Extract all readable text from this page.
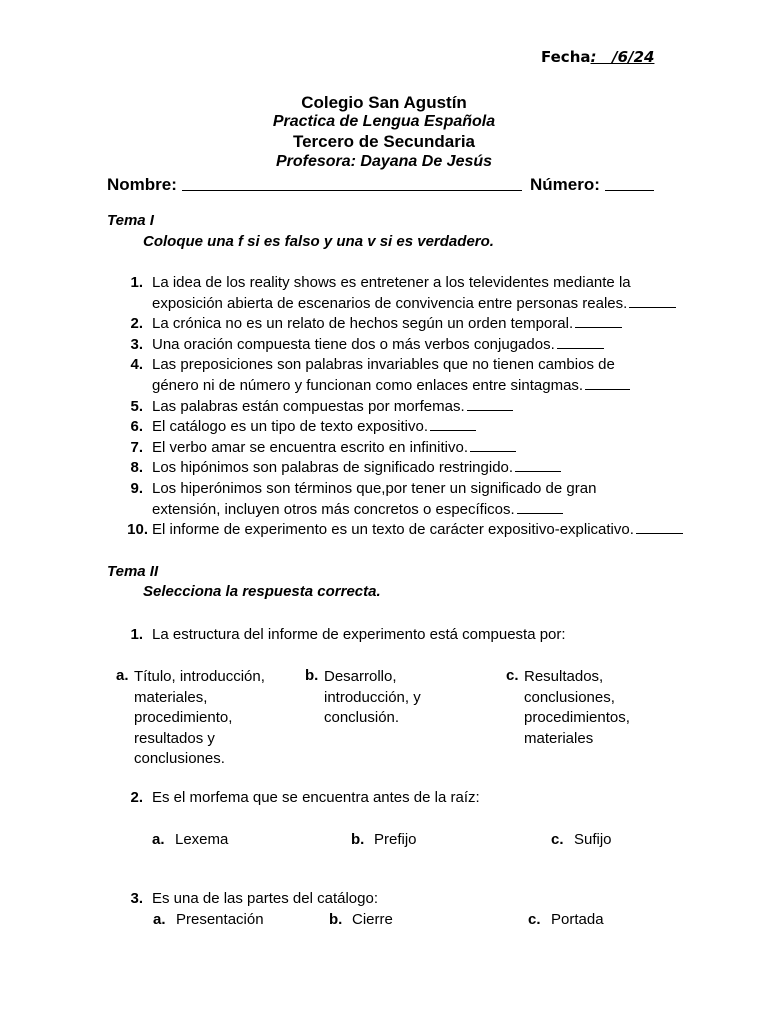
Fecha:   /6/24
Colegio San Agustín
Practica de Lengua Española
Tercero de Secundaria
Profesora: Dayana De Jesús
Nombre:	Número:
Tema I
Coloque una f si es falso y una v si es verdadero.
1. La idea de los reality shows es entretener a los televidentes mediante la
exposición abierta de escenarios de convivencia entre personas reales.
2. La crónica no es un relato de hechos según un orden temporal.
3. Una oración compuesta tiene dos o más verbos conjugados.
4. Las preposiciones son palabras invariables que no tienen cambios de
género ni de número y funcionan como enlaces entre sintagmas.
5. Las palabras están compuestas por morfemas.
6. El catálogo es un tipo de texto expositivo.
7. El verbo amar se encuentra escrito en infinitivo.
8. Los hipónimos son palabras de significado restringido.
9. Los hiperónimos son términos que,por tener un significado de gran
extensión, incluyen otros más concretos o específicos.
10. El informe de experimento es un texto de carácter expositivo-explicativo.
Tema II
Selecciona la respuesta correcta.
1. La estructura del informe de experimento está compuesta por:
a. Título, introducción,
materiales,
procedimiento,
resultados y
conclusiones.
b. Desarrollo,
introducción, y
conclusión.
c. Resultados,
conclusiones,
procedimientos,
materiales
2. Es el morfema que se encuentra antes de la raíz:
a. Lexema	b. Prefijo	c. Sufijo
3. Es una de las partes del catálogo:
a. Presentación	b. Cierre	c. Portada
